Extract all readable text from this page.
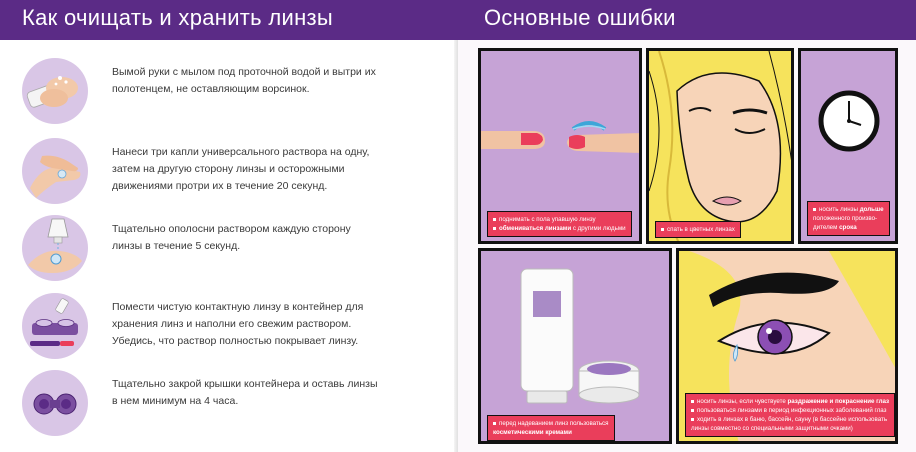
Как очищать и хранить линзы
Вымой руки с мылом под проточной водой и вытри их полотенцем, не оставляющим ворсинок.
Нанеси три капли универсального раствора на одну, затем на другую сторону линзы и осторожными движениями протри их в течение 20 секунд.
Тщательно ополосни раствором каждую сторону линзы в течение 5 секунд.
Помести чистую контактную линзу в контейнер для хранения линз и наполни его свежим раствором. Убедись, что раствор полностью покрывает линзу.
Тщательно закрой крышки контейнера и оставь линзы в нем минимум на 4 часа.
Основные ошибки
поднимать с пола упавшую линзу
обмениваться линзами с другими людьми	спать в цветных линзах
носить линзы дольше
положенного произво-
дителем срока
перед надеванием линз пользоваться
косметическими кремами
носить линзы, если чувствуете раздражение и покраснение глаз
пользоваться линзами в период инфекционных заболеваний глаз
ходить в линзах в баню, бассейн, сауну (в бассейне использовать
линзы совместно со специальными защитными очками)
